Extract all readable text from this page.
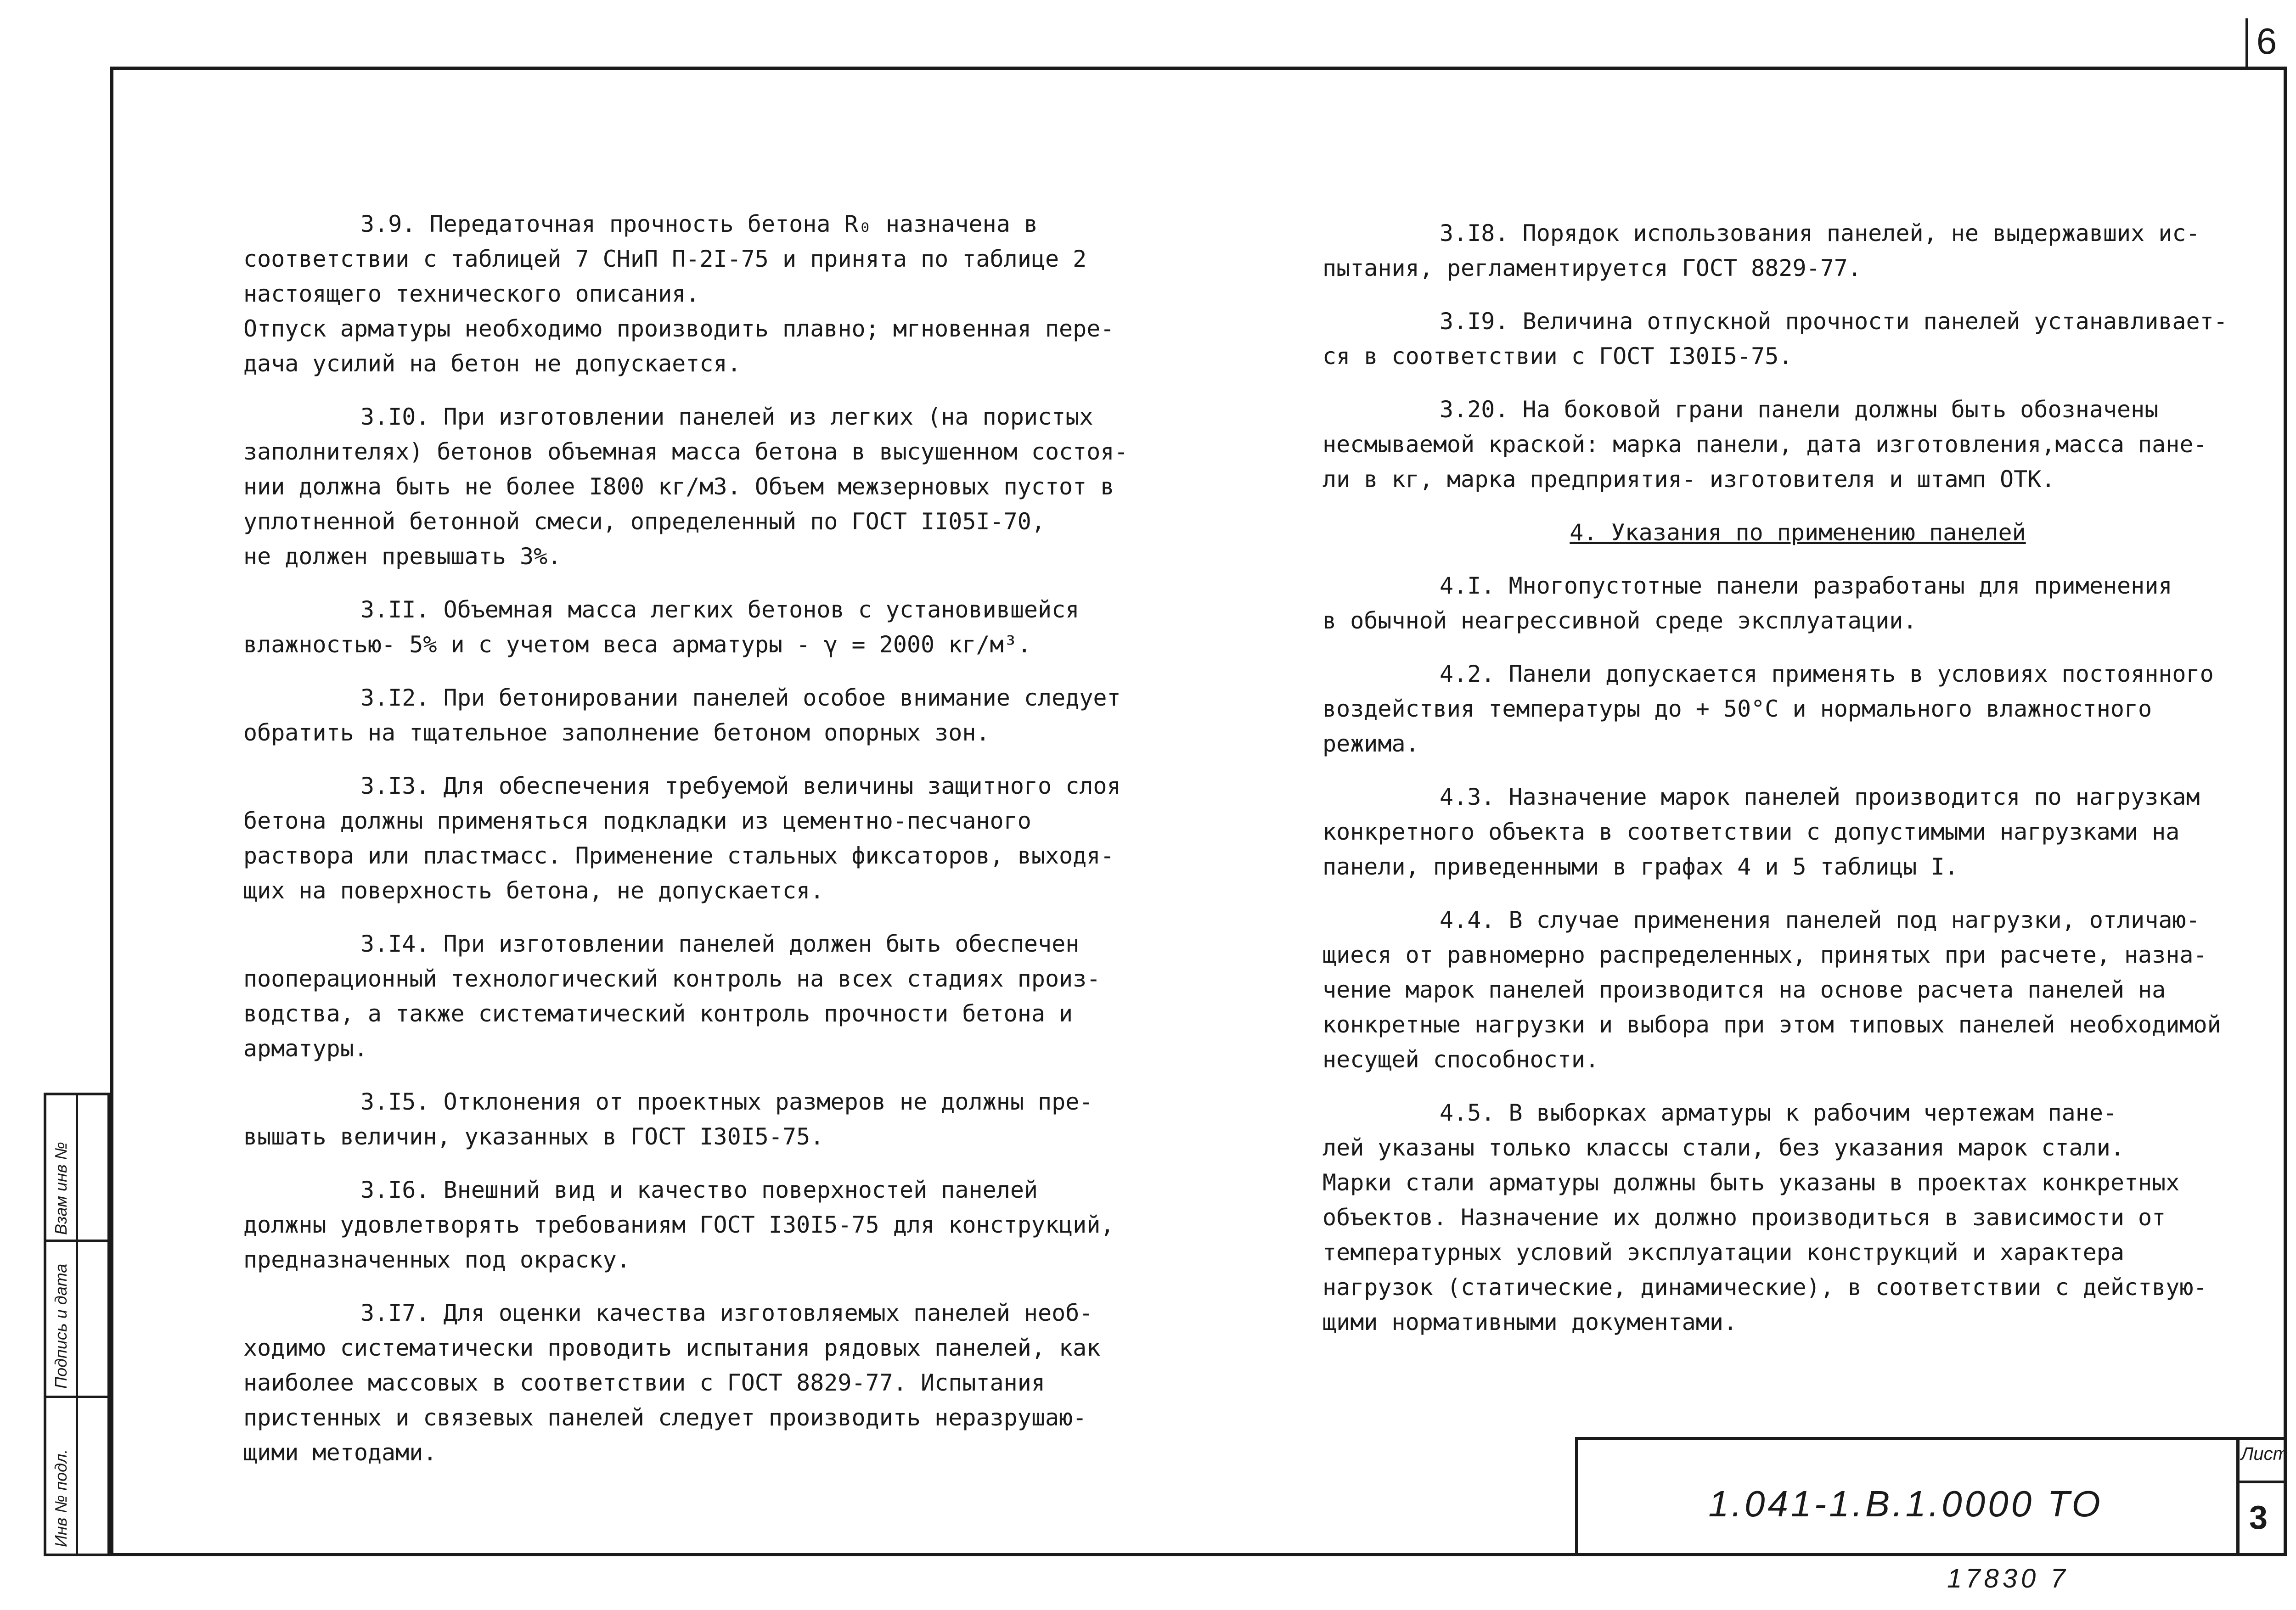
6

3.9. Передаточная прочность бетона R₀ назначена в
соответствии с таблицей 7 СНиП П-2I-75 и принята по таблице 2
настоящего технического описания.
Отпуск арматуры необходимо производить плавно; мгновенная пере-
дача усилий на бетон не допускается.

3.I0. При изготовлении панелей из легких (на пористых
заполнителях) бетонов объемная масса бетона в высушенном состоя-
нии должна быть не более I800 кг/м3. Объем межзерновых пустот в
уплотненной бетонной смеси, определенный по ГОСТ II05I-70,
не должен превышать 3%.

3.II. Объемная масса легких бетонов с установившейся
влажностью- 5% и с учетом веса арматуры - γ = 2000 кг/м³.

3.I2. При бетонировании панелей особое внимание следует
обратить на тщательное заполнение бетоном опорных зон.

3.I3. Для обеспечения требуемой величины защитного слоя
бетона должны применяться подкладки из цементно-песчаного
раствора или пластмасс. Применение стальных фиксаторов, выходя-
щих на поверхность бетона, не допускается.

3.I4. При изготовлении панелей должен быть обеспечен
пооперационный технологический контроль на всех стадиях произ-
водства, а также систематический контроль прочности бетона и
арматуры.

3.I5. Отклонения от проектных размеров не должны пре-
вышать величин, указанных в ГОСТ I30I5-75.

3.I6. Внешний вид и качество поверхностей панелей
должны удовлетворять требованиям ГОСТ I30I5-75 для конструкций,
предназначенных под окраску.

3.I7. Для оценки качества изготовляемых панелей необ-
ходимо систематически проводить испытания рядовых панелей, как
наиболее массовых в соответствии с ГОСТ 8829-77. Испытания
пристенных и связевых панелей следует производить неразрушаю-
щими методами.

3.I8. Порядок использования панелей, не выдержавших ис-
пытания, регламентируется ГОСТ 8829-77.

3.I9. Величина отпускной прочности панелей устанавливает-
ся в соответствии с ГОСТ I30I5-75.

3.20. На боковой грани панели должны быть обозначены
несмываемой краской: марка панели, дата изготовления,масса пане-
ли в кг, марка предприятия- изготовителя и штамп ОТК.

4. Указания по применению панелей

4.I. Многопустотные панели разработаны для применения
в обычной неагрессивной среде эксплуатации.

4.2. Панели допускается применять в условиях постоянного
воздействия температуры до + 50°С и нормального влажностного
режима.

4.3. Назначение марок панелей производится по нагрузкам
конкретного объекта в соответствии с допустимыми нагрузками на
панели, приведенными в графах 4 и 5 таблицы I.

4.4. В случае применения панелей под нагрузки, отличаю-
щиеся от равномерно распределенных, принятых при расчете, назна-
чение марок панелей производится на основе расчета панелей на
конкретные нагрузки и выбора при этом типовых панелей необходимой
несущей способности.

4.5. В выборках арматуры к рабочим чертежам пане-
лей указаны только классы стали, без указания марок стали.
Марки стали арматуры должны быть указаны в проектах конкретных
объектов. Назначение их должно производиться в зависимости от
температурных условий эксплуатации конструкций и характера
нагрузок (статические, динамические), в соответствии с действую-
щими нормативными документами.

1.041-1.В.1.0000 ТО
Лист
3
17830 7
Инв № подл.
Подпись и дата
Взам инв №
